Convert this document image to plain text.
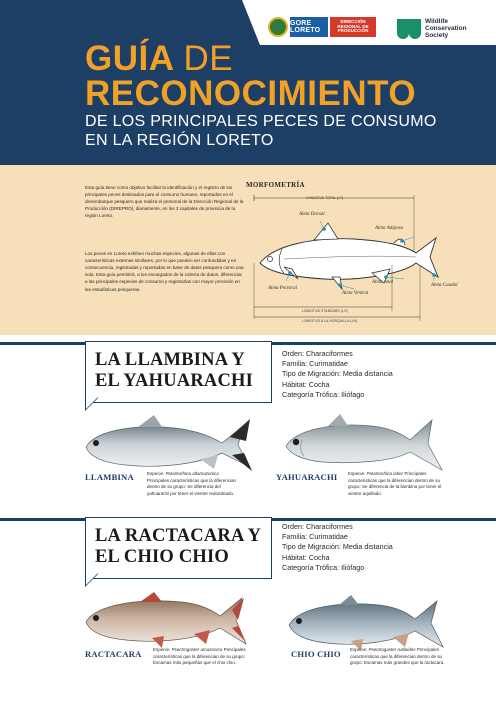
GORE LORETO
DIRECCIÓN REGIONAL DE PRODUCCIÓN
Wildlife Conservation Society
GUÍA DE
RECONOCIMIENTO
DE LOS PRINCIPALES PECES DE CONSUMO
EN LA REGIÓN LORETO

Esta guía tiene como objetivo facilitar la identificación y el registro de los principales peces destinados para el consumo humano, reportados en el desembarque pesquero que realiza el personal de la Dirección Regional de la Producción (DIREPRO), diariamente, en los 3 capitales de provincia de la región Loreto.

Los peces en Loreto exhiben muchas especies, algunas de ellas con características externas similares, por lo que pueden ser confundidas y en consecuencia, registradas y reportadas en base de datos pesquera como una sola. Esta guía permitirá, a los encargados de la colecta de datos, diferenciar a las principales especies de consumo y registrarlas con mayor precisión en las estadísticas pesqueras.

MORFOMETRÍA
LONGITUD TOTAL (LT)
Aleta Dorsal
Aleta Adiposa
Aleta Pectoral
Aleta Ventral
Aleta Anal
Aleta Caudal
LONGITUD STANDARD (LS)
LONGITUD A LA HORQUILLA (LH)
LA LLAMBINA Y
EL YAHUARACHI
Orden: Characiformes
Familia: Curimatidae
Tipo de Migración: Media distancia
Hábitat: Cocha
Categoría Trófica: Iliófago
LLAMBINA	Especie: Potamorhina altamazonica Principales características que la diferencian dentro de su grupo: Se diferencia del yahuarachi por tener el vientre redondeado.
YAHUARACHI Especie: Potamorhina latior Principales características que la diferencian dentro de su grupo: Se diferencia de la llambina por tener el vientre aquillado.
LA RACTACARA Y
EL CHIO CHIO
Orden: Characiformes
Familia: Curimatidae
Tipo de Migración: Media distancia
Hábitat: Cocha
Categoría Trófica: Iliófago
RACTACARA	Especie: Psectrogaster amazonica Principales características que la diferencian de su grupo: Escamas más pequeñas que el chio chio.
CHIO CHIO Especie: Psectrogaster rutiloides Principales características que la diferencian dentro de su grupo: Escamas más grandes que la ractacara.
